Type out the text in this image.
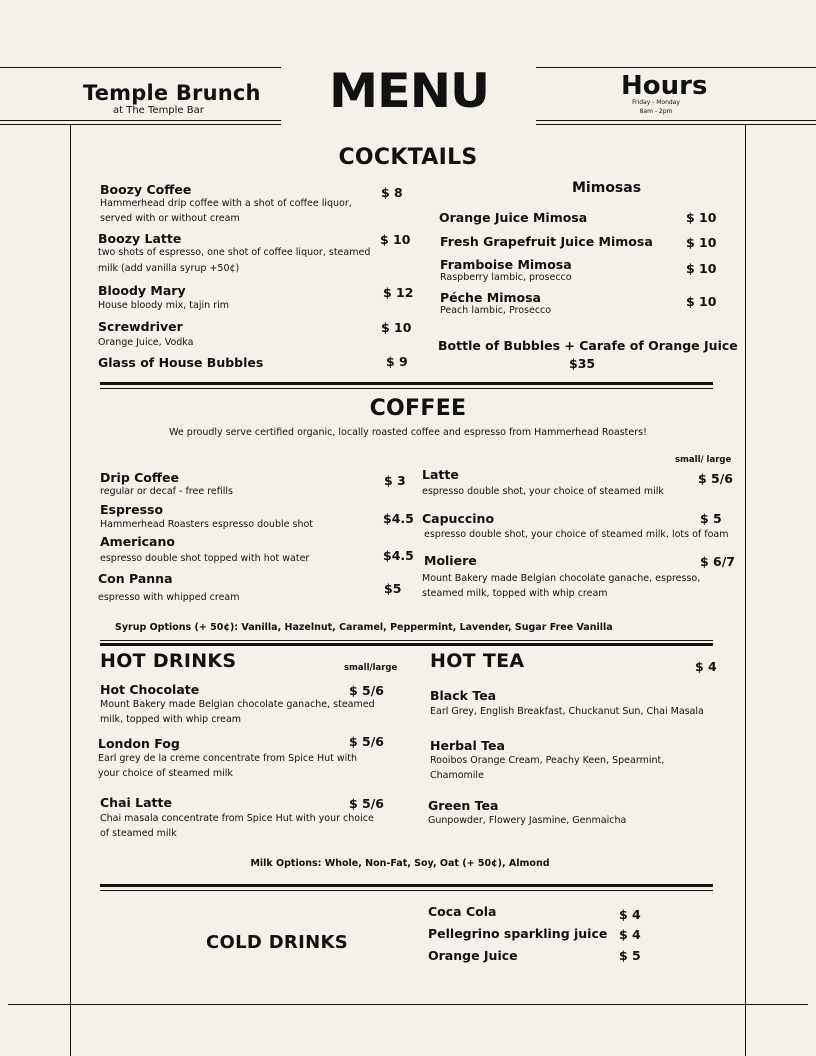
Temple Brunch
at The Temple Bar	MENU	Hours
Friday - Monday
8am - 2pm
COCKTAILS
Boozy Coffee	$ 8
Hammerhead drip coffee with a shot of coffee liquor,
served with or without cream
Boozy Latte	$ 10
two shots of espresso, one shot of coffee liquor, steamed
milk (add vanilla syrup +50¢)
Bloody Mary	$ 12
House bloody mix, tajin rim
Screwdriver	$ 10
Orange Juice, Vodka
Glass of House Bubbles	$ 9
Mimosas
Orange Juice Mimosa	$ 10
Fresh Grapefruit Juice Mimosa	$ 10
Framboise Mimosa	$ 10
Raspberry lambic, prosecco
Péche Mimosa	$ 10
Peach lambic, Prosecco
Bottle of Bubbles + Carafe of Orange Juice
$35
COFFEE
We proudly serve certified organic, locally roasted coffee and espresso from Hammerhead Roasters!
small/ large
Drip Coffee	$ 3
regular or decaf - free refills
Espresso
$4.5
Hammerhead Roasters espresso double shot
Americano
$4.5
espresso double shot topped with hot water
Con Panna
$5
espresso with whipped cream
Latte	$ 5/6
espresso double shot, your choice of steamed milk
Capuccino	$ 5
espresso double shot, your choice of steamed milk, lots of foam
Moliere	$ 6/7
Mount Bakery made Belgian chocolate ganache, espresso,
steamed milk, topped with whip cream
Syrup Options (+ 50¢): Vanilla, Hazelnut, Caramel, Peppermint, Lavender, Sugar Free Vanilla
HOT DRINKS	small/large
Hot Chocolate	$ 5/6
Mount Bakery made Belgian chocolate ganache, steamed
milk, topped with whip cream
London Fog	$ 5/6
Earl grey de la creme concentrate from Spice Hut with
your choice of steamed milk
Chai Latte	$ 5/6
Chai masala concentrate from Spice Hut with your choice
of steamed milk
HOT TEA	$ 4
Black Tea
Earl Grey, English Breakfast, Chuckanut Sun, Chai Masala
Herbal Tea
Rooibos Orange Cream, Peachy Keen, Spearmint,
Chamomile
Green Tea
Gunpowder, Flowery Jasmine, Genmaicha
Milk Options: Whole, Non-Fat, Soy, Oat (+ 50¢), Almond
COLD DRINKS
Coca Cola	$ 4
Pellegrino sparkling juice $ 4
Orange Juice	$ 5
